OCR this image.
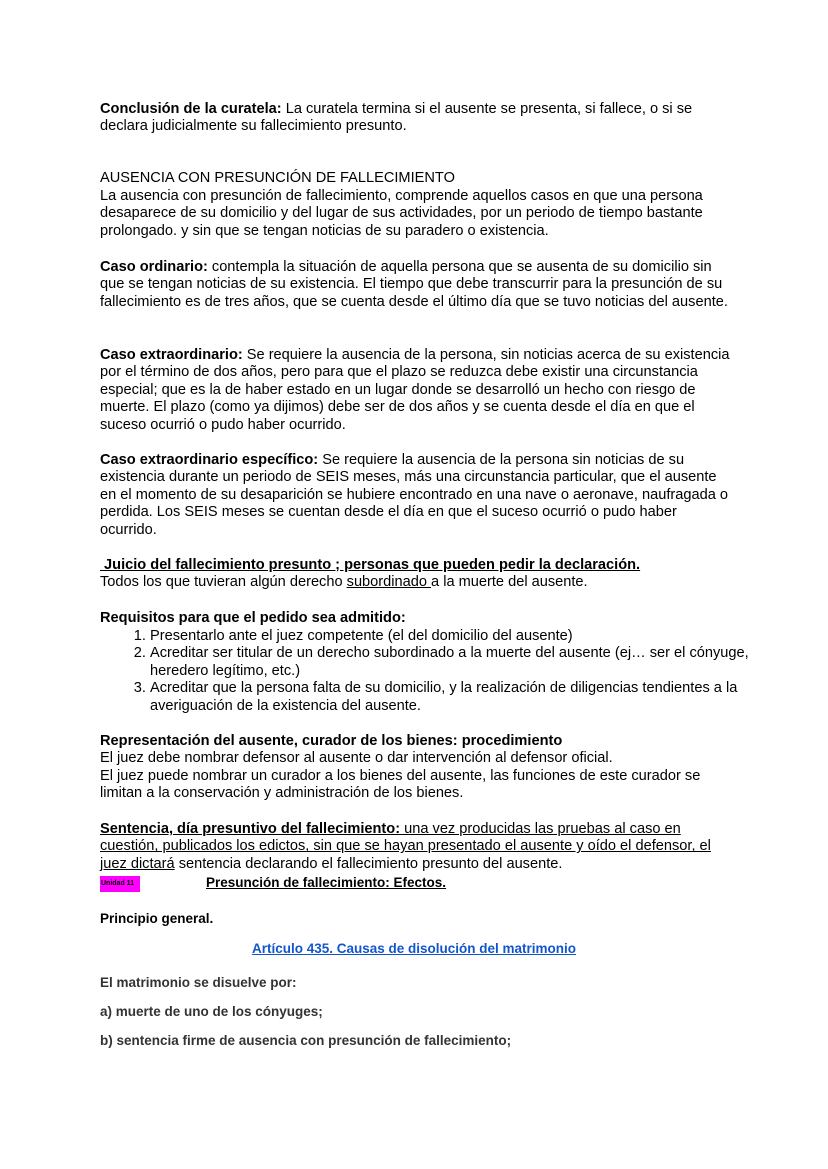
Conclusión de la curatela: La curatela termina si el ausente se presenta, si fallece, o si se declara judicialmente su fallecimiento presunto.

AUSENCIA CON PRESUNCIÓN DE FALLECIMIENTO

La ausencia con presunción de fallecimiento, comprende aquellos casos en que una persona desaparece de su domicilio y del lugar de sus actividades, por un periodo de tiempo bastante prolongado. y sin que se tengan noticias de su paradero o existencia.

Caso ordinario: contempla la situación de aquella persona que se ausenta de su domicilio sin que se tengan noticias de su existencia. El tiempo que debe transcurrir para la presunción de su fallecimiento es de tres años, que se cuenta desde el último día que se tuvo noticias del ausente.

Caso extraordinario: Se requiere la ausencia de la persona, sin noticias acerca de su existencia por el término de dos años, pero para que el plazo se reduzca debe existir una circunstancia especial; que es la de haber estado en un lugar donde se desarrolló un hecho con riesgo de muerte. El plazo (como ya dijimos) debe ser de dos años y se cuenta desde el día en que el suceso ocurrió o pudo haber ocurrido.

Caso extraordinario específico: Se requiere la ausencia de la persona sin noticias de su existencia durante un periodo de SEIS meses, más una circunstancia particular, que el ausente en el momento de su desaparición se hubiere encontrado en una nave o aeronave, naufragada o perdida. Los SEIS meses se cuentan desde el día en que el suceso ocurrió o pudo haber ocurrido.

Juicio del fallecimiento presunto ; personas que pueden pedir la declaración.

Todos los que tuvieran algún derecho subordinado a la muerte del ausente.

Requisitos para que el pedido sea admitido:

1. Presentarlo ante el juez competente (el del domicilio del ausente)
2. Acreditar ser titular de un derecho subordinado a la muerte del ausente (ej… ser el cónyuge, heredero legítimo, etc.)
3. Acreditar que la persona falta de su domicilio, y la realización de diligencias tendientes a la averiguación de la existencia del ausente.

Representación del ausente, curador de los bienes: procedimiento

El juez debe nombrar defensor al ausente o dar intervención al defensor oficial.

El juez puede nombrar un curador a los bienes del ausente, las funciones de este curador se limitan a la conservación y administración de los bienes.

Sentencia, día presuntivo del fallecimiento: una vez producidas las pruebas al caso en cuestión, publicados los edictos, sin que se hayan presentado el ausente y oído el defensor, el juez dictará sentencia declarando el fallecimiento presunto del ausente.

Unidad 11	Presunción de fallecimiento: Efectos.

Principio general.

Artículo 435. Causas de disolución del matrimonio

El matrimonio se disuelve por:

a) muerte de uno de los cónyuges;

b) sentencia firme de ausencia con presunción de fallecimiento;
